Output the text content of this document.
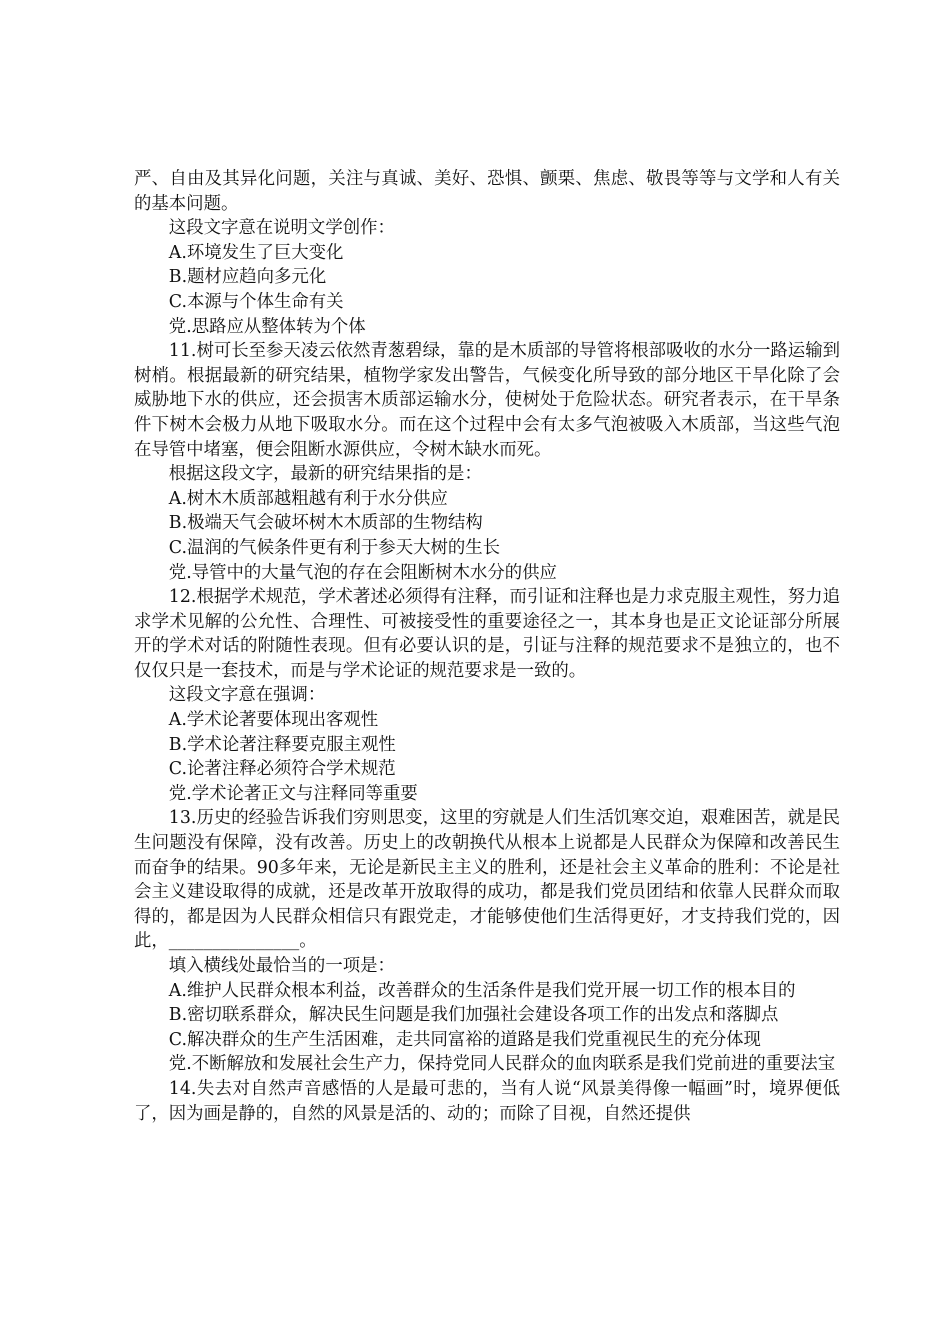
严、自由及其异化问题，关注与真诚、美好、恐惧、颤栗、焦虑、敬畏等等与文学和人有关的基本问题。

这段文字意在说明文学创作：

A.环境发生了巨大变化

B.题材应趋向多元化

C.本源与个体生命有关

党.思路应从整体转为个体

11.树可长至参天凌云依然青葱碧绿，靠的是木质部的导管将根部吸收的水分一路运输到树梢。根据最新的研究结果，植物学家发出警告，气候变化所导致的部分地区干旱化除了会威胁地下水的供应，还会损害木质部运输水分，使树处于危险状态。研究者表示，在干旱条件下树木会极力从地下吸取水分。而在这个过程中会有太多气泡被吸入木质部，当这些气泡在导管中堵塞，便会阻断水源供应，令树木缺水而死。

根据这段文字，最新的研究结果指的是：

A.树木木质部越粗越有利于水分供应

B.极端天气会破坏树木木质部的生物结构

C.温润的气候条件更有利于参天大树的生长

党.导管中的大量气泡的存在会阻断树木水分的供应

12.根据学术规范，学术著述必须得有注释，而引证和注释也是力求克服主观性，努力追求学术见解的公允性、合理性、可被接受性的重要途径之一，其本身也是正文论证部分所展开的学术对话的附随性表现。但有必要认识的是，引证与注释的规范要求不是独立的，也不仅仅只是一套技术，而是与学术论证的规范要求是一致的。

这段文字意在强调：

A.学术论著要体现出客观性

B.学术论著注释要克服主观性

C.论著注释必须符合学术规范

党.学术论著正文与注释同等重要

13.历史的经验告诉我们穷则思变，这里的穷就是人们生活饥寒交迫，艰难困苦，就是民生问题没有保障，没有改善。历史上的改朝换代从根本上说都是人民群众为保障和改善民生而奋争的结果。90多年来，无论是新民主主义的胜利，还是社会主义革命的胜利：不论是社会主义建设取得的成就，还是改革开放取得的成功，都是我们党员团结和依靠人民群众而取得的，都是因为人民群众相信只有跟党走，才能够使他们生活得更好，才支持我们党的，因此，_______________。

填入横线处最恰当的一项是：

A.维护人民群众根本利益，改善群众的生活条件是我们党开展一切工作的根本目的

B.密切联系群众，解决民生问题是我们加强社会建设各项工作的出发点和落脚点

C.解决群众的生产生活困难，走共同富裕的道路是我们党重视民生的充分体现

党.不断解放和发展社会生产力，保持党同人民群众的血肉联系是我们党前进的重要法宝

14.失去对自然声音感悟的人是最可悲的，当有人说“风景美得像一幅画”时，境界便低了，因为画是静的，自然的风景是活的、动的；而除了目视，自然还提供
